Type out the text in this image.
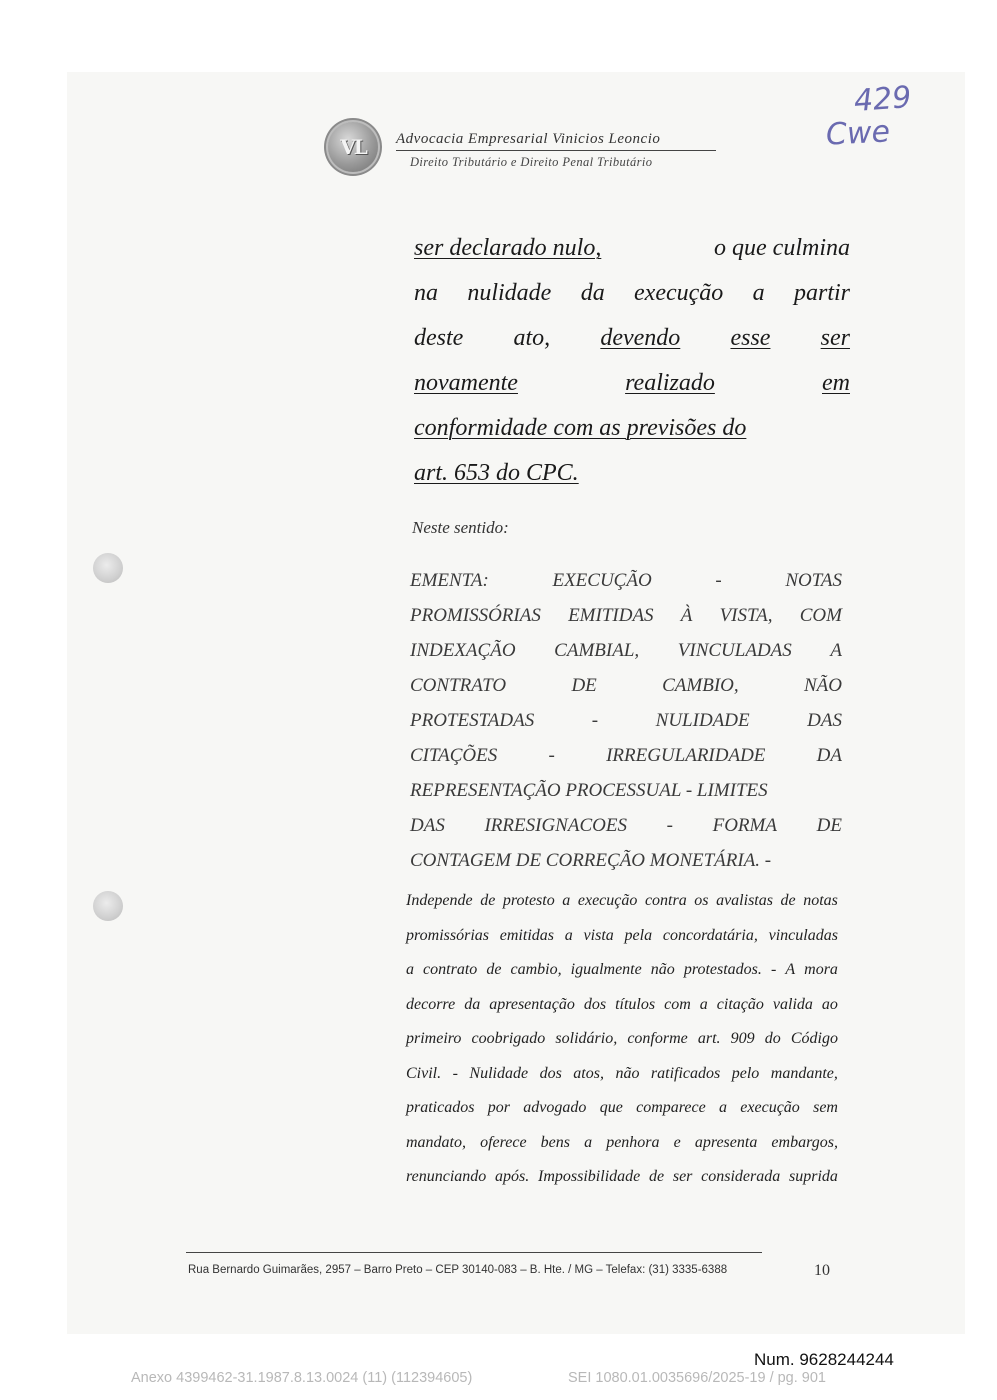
VL Advocacia Empresarial Vinicios Leoncio
Direito Tributário e Direito Penal Tributário
429
Cwe
ser declarado nulo,	o que culmina
na nulidade da execução a partir
deste ato, devendo esse ser
novamente	realizado	em
conformidade com as previsões do
art. 653 do CPC.
Neste sentido:
EMENTA:	EXECUÇÃO	-	NOTAS
PROMISSÓRIAS EMITIDAS À VISTA, COM
INDEXAÇÃO CAMBIAL, VINCULADAS A
CONTRATO	DE	CAMBIO,	NÃO
PROTESTADAS	-	NULIDADE	DAS
CITAÇÕES	-	IRREGULARIDADE	DA
REPRESENTAÇÃO PROCESSUAL - LIMITES
DAS IRRESIGNACOES - FORMA DE
CONTAGEM DE CORREÇÃO MONETÁRIA. -
Independe de protesto a execução contra os avalistas de notas
promissórias emitidas a vista pela concordatária, vinculadas
a contrato de cambio, igualmente não protestados. - A mora
decorre da apresentação dos títulos com a citação valida ao
primeiro coobrigado solidário, conforme art. 909 do Código
Civil. - Nulidade dos atos, não ratificados pelo mandante,
praticados por advogado que comparece a execução sem
mandato, oferece bens a penhora e apresenta embargos,
renunciando após. Impossibilidade de ser considerada suprida
Rua Bernardo Guimarães, 2957 – Barro Preto – CEP 30140-083 – B. Hte. / MG – Telefax: (31) 3335-6388	10
Num. 9628244244
Anexo 4399462-31.1987.8.13.0024 (11) (112394605)	SEI 1080.01.0035696/2025-19 / pg. 901
